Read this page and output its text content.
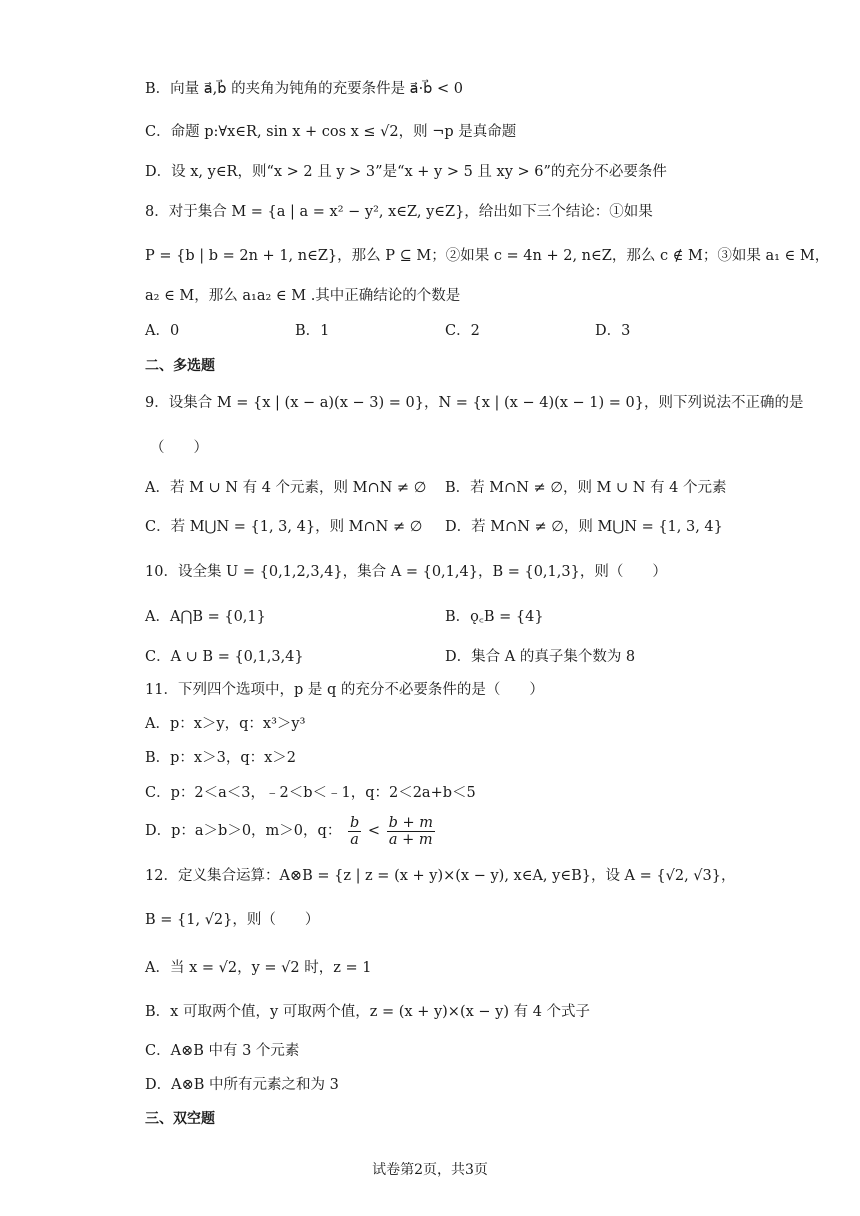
B．向量 a⃗,b⃗ 的夹角为钝角的充要条件是 a⃗·b⃗ < 0
C．命题 p:∀x∈R, sin x + cos x ≤ √2，则 ¬p 是真命题
D．设 x, y∈R，则“x > 2 且 y > 3”是“x + y > 5 且 xy > 6”的充分不必要条件
8．对于集合 M = {a | a = x² − y², x∈Z, y∈Z}，给出如下三个结论：①如果
P = {b | b = 2n + 1, n∈Z}，那么 P ⊆ M；②如果 c = 4n + 2, n∈Z，那么 c ∉ M；③如果 a₁ ∈ M，
a₂ ∈ M，那么 a₁a₂ ∈ M .其中正确结论的个数是
A．0	B．1	C．2	D．3
二、多选题
9．设集合 M = {x | (x − a)(x − 3) = 0}，N = {x | (x − 4)(x − 1) = 0}，则下列说法不正确的是
（　　）
A．若 M ∪ N 有 4 个元素，则 M∩N ≠ ∅ B．若 M∩N ≠ ∅，则 M ∪ N 有 4 个元素
C．若 M⋃N = {1, 3, 4}，则 M∩N ≠ ∅ D．若 M∩N ≠ ∅，则 M⋃N = {1, 3, 4}
10．设全集 U = {0,1,2,3,4}，集合 A = {0,1,4}，B = {0,1,3}，则（　　）
A．A⋂B = {0,1}	B．ǫ꜀B = {4}
C．A ∪ B = {0,1,3,4}	D．集合 A 的真子集个数为 8
11．下列四个选项中，p 是 q 的充分不必要条件的是（　　）
A．p：x＞y，q：x³＞y³
B．p：x＞3，q：x＞2
C．p：2＜a＜3，﹣2＜b＜﹣1，q：2＜2a+b＜5
D．p：a＞b＞0，m＞0，q： $\frac{b}{a} < \frac{b + m}{a + m}$
12．定义集合运算：A⊗B = {z | z = (x + y)×(x − y), x∈A, y∈B}，设 A = {√2, √3}，
B = {1, √2}，则（　　）
A．当 x = √2，y = √2 时，z = 1
B．x 可取两个值，y 可取两个值，z = (x + y)×(x − y) 有 4 个式子
C．A⊗B 中有 3 个元素
D．A⊗B 中所有元素之和为 3
三、双空题
试卷第2页，共3页
